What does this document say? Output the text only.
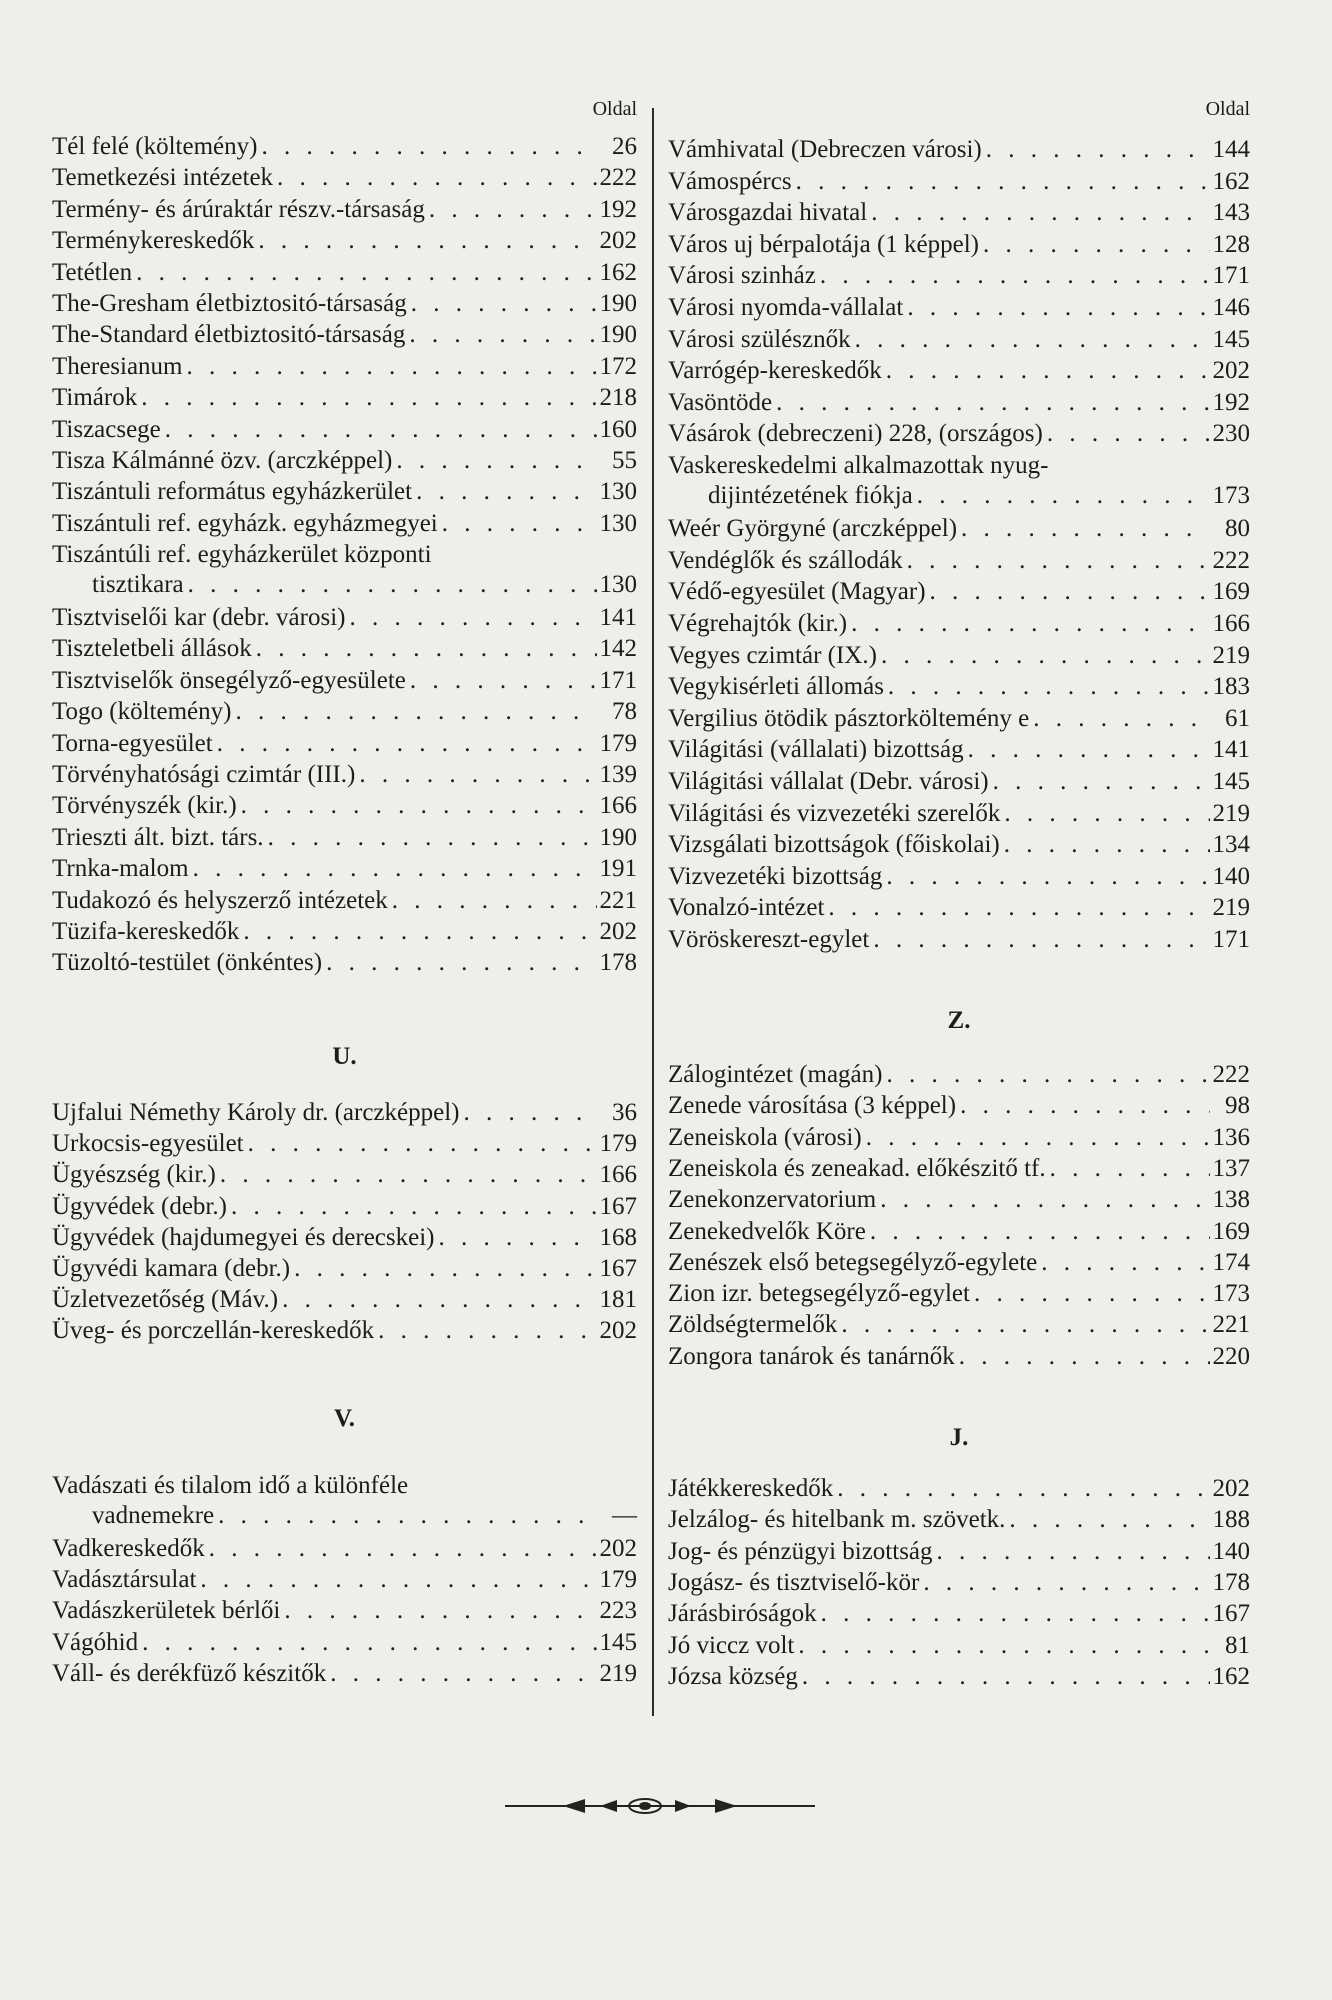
Oldal
Tél felé (költemény) . . .	26
Temetkezési intézetek . . .	222
Termény- és árúraktár részv.-társaság . . .	192
Terménykereskedők . . .	202
Tetétlen . . .	162
The-Gresham életbiztositó-társaság . . .	190
The-Standard életbiztositó-társaság . . .	190
Theresianum . . .	172
Timárok . . .	218
Tiszacsege . . .	160
Tisza Kálmánné özv. (arczképpel) . . .	55
Tiszántuli református egyházkerület . . .	130
Tiszántuli ref. egyházk. egyházmegyei . . .	130
Tiszántúli ref. egyházkerület központi
tisztikara . . .	130
Tisztviselői kar (debr. városi) . . .	141
Tiszteletbeli állások . . .	142
Tisztviselők önsegélyző-egyesülete . . .	171
Togo (költemény) . . .	78
Torna-egyesület . . .	179
Törvényhatósági czimtár (III.) . . .	139
Törvényszék (kir.) . . .	166
Trieszti ált. bizt. társ. . . .	190
Trnka-malom . . .	191
Tudakozó és helyszerző intézetek . . .	221
Tüzifa-kereskedők . . .	202
Tüzoltó-testület (önkéntes) . . .	178
U.
Ujfalui Némethy Károly dr. (arczképpel) . . .	36
Urkocsis-egyesület . . .	179
Ügyészség (kir.) . . .	166
Ügyvédek (debr.) . . .	167
Ügyvédek (hajdumegyei és derecskei) . . .	168
Ügyvédi kamara (debr.) . . .	167
Üzletvezetőség (Máv.) . . .	181
Üveg- és porczellán-kereskedők . . .	202
V.
Vadászati és tilalom idő a különféle
vadnemekre . . .	—
Vadkereskedők . . .	202
Vadásztársulat . . .	179
Vadászkerületek bérlői . . .	223
Vágóhid . . .	145
Váll- és derékfüző készitők . . .	219
Oldal
Vámhivatal (Debreczen városi) . . .	144
Vámospércs . . .	162
Városgazdai hivatal . . .	143
Város uj bérpalotája (1 képpel) . . .	128
Városi szinház . . .	171
Városi nyomda-vállalat . . .	146
Városi szülésznők . . .	145
Varrógép-kereskedők . . .	202
Vasöntöde . . .	192
Vásárok (debreczeni) 228, (országos) . . .	230
Vaskereskedelmi alkalmazottak nyug-
dijintézetének fiókja . . .	173
Weér Györgyné (arczképpel) . . .	80
Vendéglők és szállodák . . .	222
Védő-egyesület (Magyar) . . .	169
Végrehajtók (kir.) . . .	166
Vegyes czimtár (IX.) . . .	219
Vegykisérleti állomás . . .	183
Vergilius ötödik pásztorköltemény e . . .	61
Világitási (vállalati) bizottság . . .	141
Világitási vállalat (Debr. városi) . . .	145
Világitási és vizvezetéki szerelők . . .	219
Vizsgálati bizottságok (főiskolai) . . .	134
Vizvezetéki bizottság . . .	140
Vonalzó-intézet . . .	219
Vöröskereszt-egylet . . .	171
Z.
Zálogintézet (magán) . . .	222
Zenede városítása (3 képpel) . . .	98
Zeneiskola (városi) . . .	136
Zeneiskola és zeneakad. előkészitő tf. . . .	137
Zenekonzervatorium . . .	138
Zenekedvelők Köre . . .	169
Zenészek első betegsegélyző-egylete . . .	174
Zion izr. betegsegélyző-egylet . . .	173
Zöldségtermelők . . .	221
Zongora tanárok és tanárnők . . .	220
J.
Játékkereskedők . . .	202
Jelzálog- és hitelbank m. szövetk. . . .	188
Jog- és pénzügyi bizottság . . .	140
Jogász- és tisztviselő-kör . . .	178
Járásbiróságok . . .	167
Jó viccz volt . . .	81
Józsa község . . .	162
